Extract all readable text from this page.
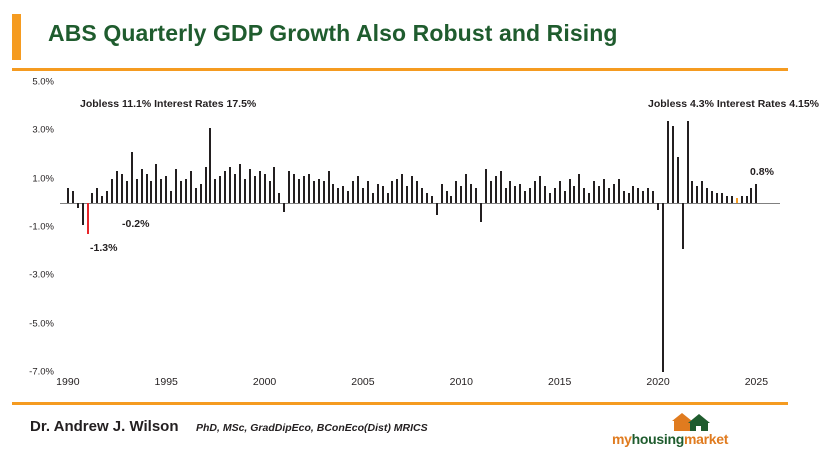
ABS Quarterly GDP Growth Also Robust and Rising
Jobless 11.1% Interest Rates 17.5%	Jobless 4.3% Interest Rates 4.15%
-0.2%
-1.3%
0.8%
5.0%
3.0%
1.0%
-1.0%
-3.0%
-5.0%
-7.0%
1990	1995	2000	2005	2010	2015	2020	2025
Dr. Andrew J. Wilson PhD, MSc, GradDipEco, BConEco(Dist) MRICS
myhousingmarket
